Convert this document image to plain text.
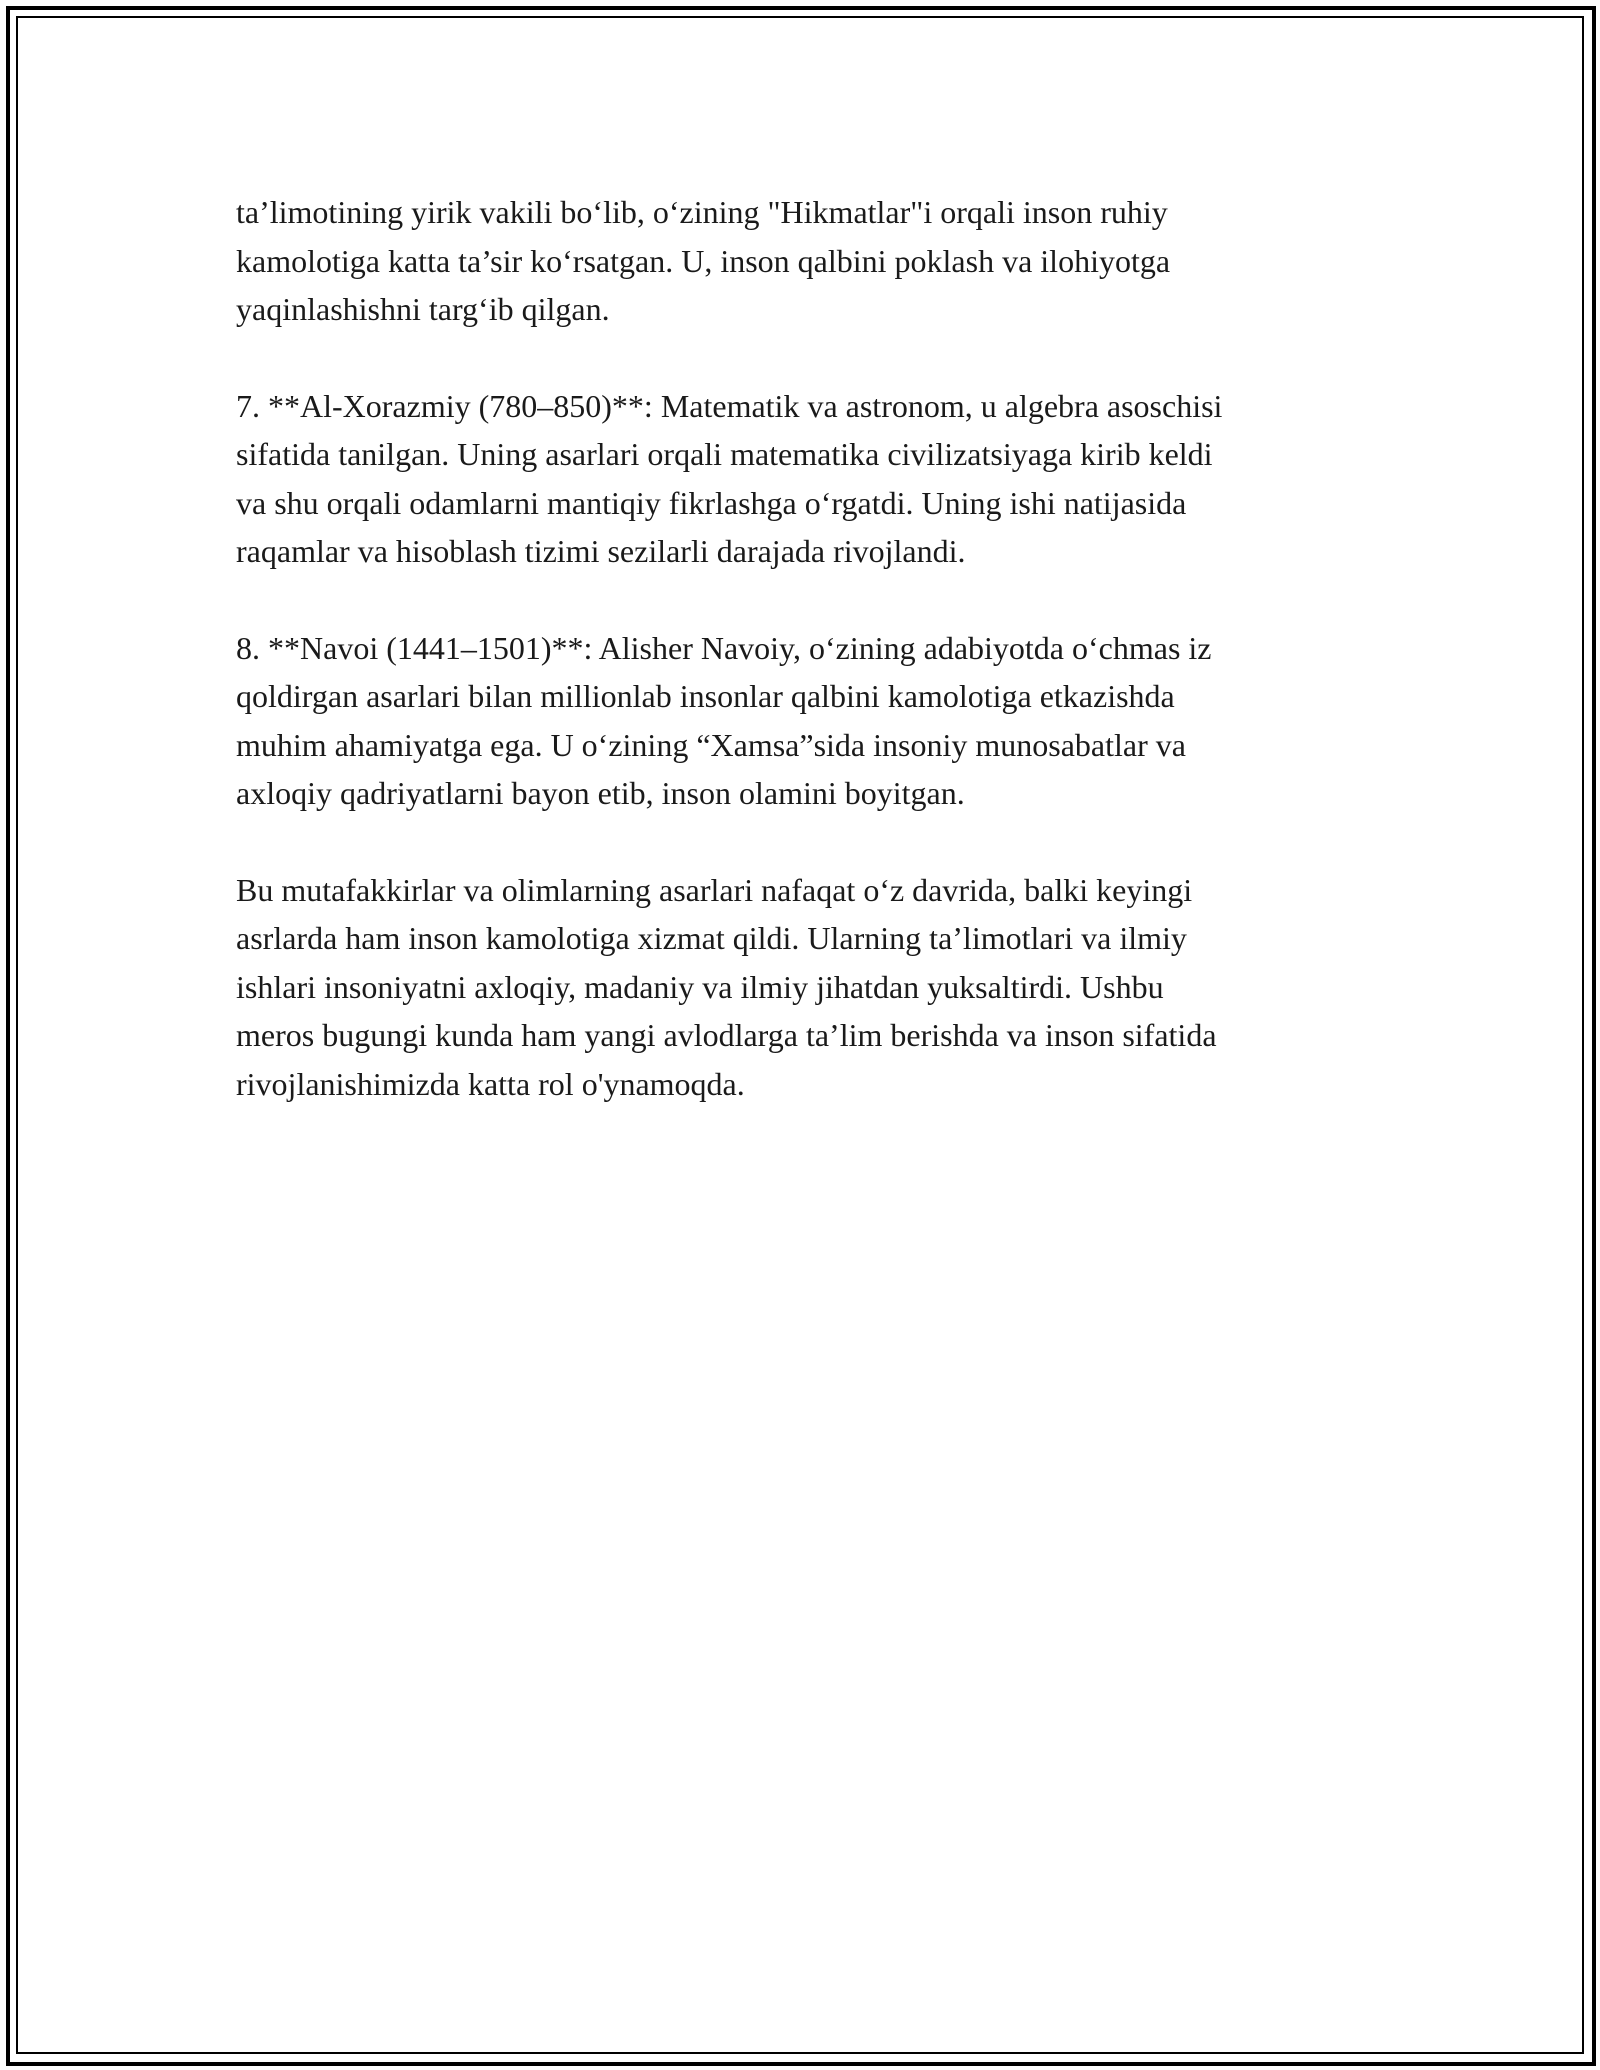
ta’limotining yirik vakili bo‘lib, o‘zining "Hikmatlar"i orqali inson ruhiy
kamolotiga katta ta’sir ko‘rsatgan. U, inson qalbini poklash va ilohiyotga
yaqinlashishni targ‘ib qilgan.

7. **Al-Xorazmiy (780–850)**: Matematik va astronom, u algebra asoschisi
sifatida tanilgan. Uning asarlari orqali matematika civilizatsiyaga kirib keldi
va shu orqali odamlarni mantiqiy fikrlashga o‘rgatdi. Uning ishi natijasida
raqamlar va hisoblash tizimi sezilarli darajada rivojlandi.

8. **Navoi (1441–1501)**: Alisher Navoiy, o‘zining adabiyotda o‘chmas iz
qoldirgan asarlari bilan millionlab insonlar qalbini kamolotiga etkazishda
muhim ahamiyatga ega. U o‘zining “Xamsa”sida insoniy munosabatlar va
axloqiy qadriyatlarni bayon etib, inson olamini boyitgan.

Bu mutafakkirlar va olimlarning asarlari nafaqat o‘z davrida, balki keyingi
asrlarda ham inson kamolotiga xizmat qildi. Ularning ta’limotlari va ilmiy
ishlari insoniyatni axloqiy, madaniy va ilmiy jihatdan yuksaltirdi. Ushbu
meros bugungi kunda ham yangi avlodlarga ta’lim berishda va inson sifatida
rivojlanishimizda katta rol o'ynamoqda.
